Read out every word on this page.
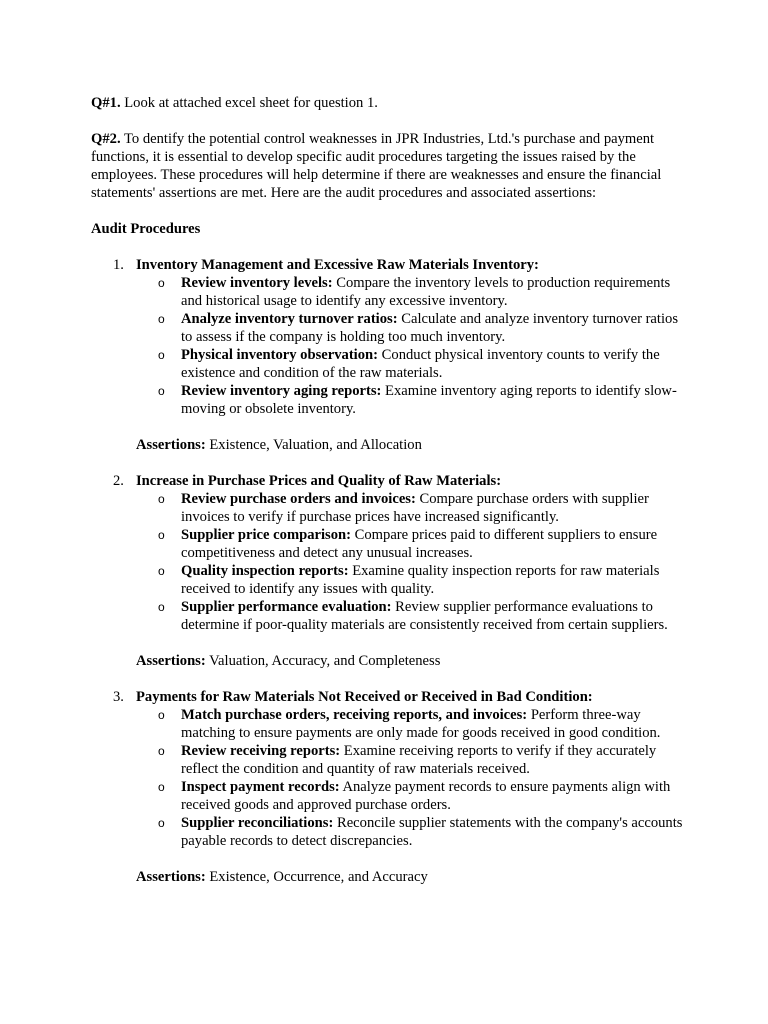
Q#1. Look at attached excel sheet for question 1.

Q#2. To dentify the potential control weaknesses in JPR Industries, Ltd.'s purchase and payment functions, it is essential to develop specific audit procedures targeting the issues raised by the employees. These procedures will help determine if there are weaknesses and ensure the financial statements' assertions are met. Here are the audit procedures and associated assertions:

Audit Procedures

1. Inventory Management and Excessive Raw Materials Inventory:

o Review inventory levels: Compare the inventory levels to production requirements and historical usage to identify any excessive inventory.
o Analyze inventory turnover ratios: Calculate and analyze inventory turnover ratios to assess if the company is holding too much inventory.
o Physical inventory observation: Conduct physical inventory counts to verify the existence and condition of the raw materials.
o Review inventory aging reports: Examine inventory aging reports to identify slow-moving or obsolete inventory.

Assertions: Existence, Valuation, and Allocation

2. Increase in Purchase Prices and Quality of Raw Materials:

o Review purchase orders and invoices: Compare purchase orders with supplier invoices to verify if purchase prices have increased significantly.
o Supplier price comparison: Compare prices paid to different suppliers to ensure competitiveness and detect any unusual increases.
o Quality inspection reports: Examine quality inspection reports for raw materials received to identify any issues with quality.
o Supplier performance evaluation: Review supplier performance evaluations to determine if poor-quality materials are consistently received from certain suppliers.

Assertions: Valuation, Accuracy, and Completeness

3. Payments for Raw Materials Not Received or Received in Bad Condition:

o Match purchase orders, receiving reports, and invoices: Perform three-way matching to ensure payments are only made for goods received in good condition.
o Review receiving reports: Examine receiving reports to verify if they accurately reflect the condition and quantity of raw materials received.
o Inspect payment records: Analyze payment records to ensure payments align with received goods and approved purchase orders.
o Supplier reconciliations: Reconcile supplier statements with the company's accounts payable records to detect discrepancies.

Assertions: Existence, Occurrence, and Accuracy
